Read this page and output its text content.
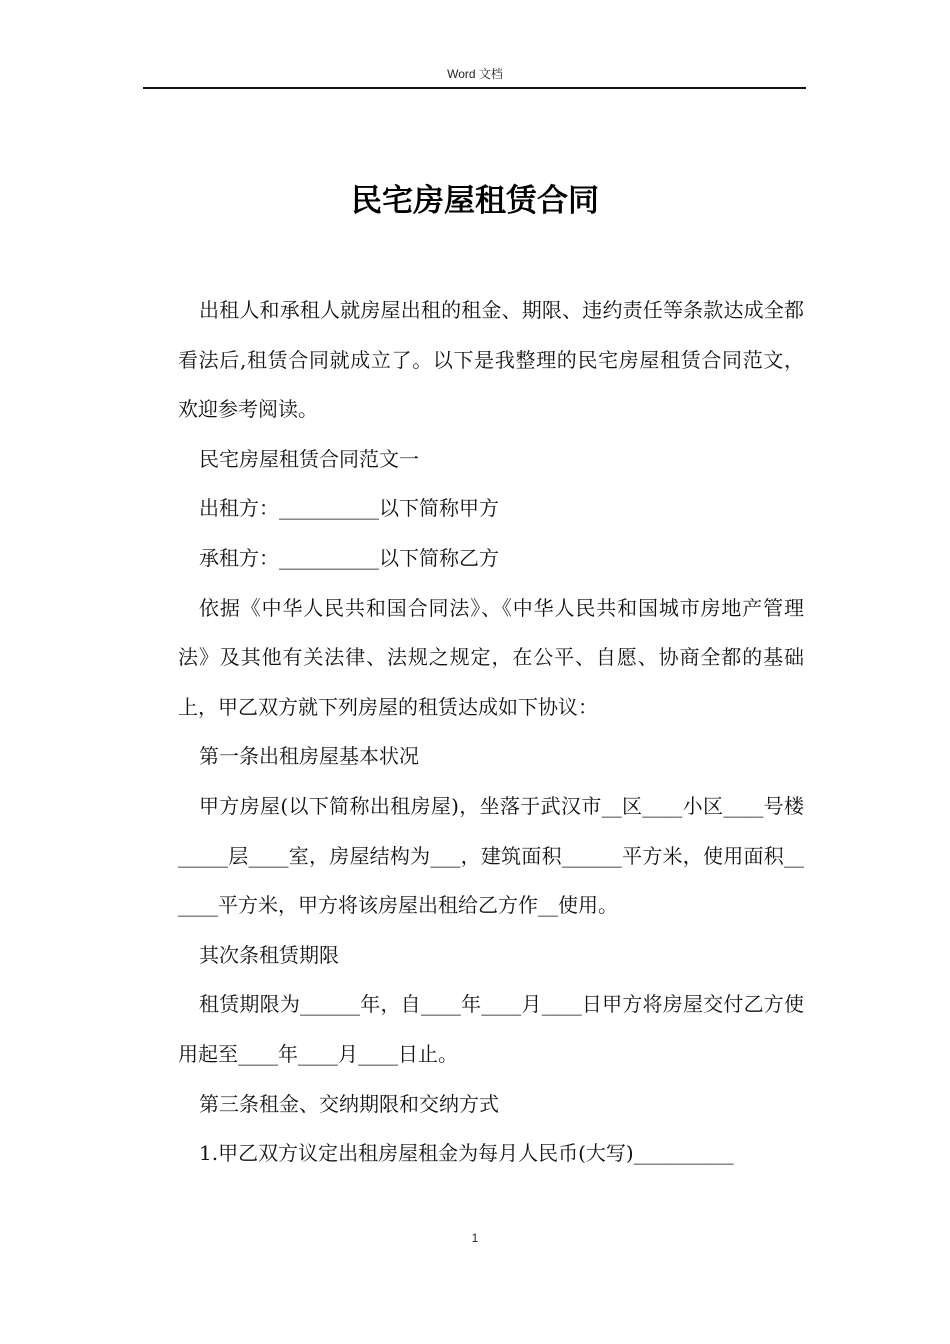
Word 文档
民宅房屋租赁合同

出租人和承租人就房屋出租的租金、期限、违约责任等条款达成全都看法后,租赁合同就成立了。以下是我整理的民宅房屋租赁合同范文，欢迎参考阅读。

民宅房屋租赁合同范文一

出租方：__________以下简称甲方

承租方：__________以下简称乙方

依据《中华人民共和国合同法》、《中华人民共和国城市房地产管理法》及其他有关法律、法规之规定，在公平、自愿、协商全都的基础上，甲乙双方就下列房屋的租赁达成如下协议：

第一条出租房屋基本状况

甲方房屋(以下简称出租房屋)，坐落于武汉市__区____小区____号楼_____层____室，房屋结构为___，建筑面积______平方米，使用面积______平方米，甲方将该房屋出租给乙方作__使用。

其次条租赁期限

租赁期限为______年，自____年____月____日甲方将房屋交付乙方使用起至____年____月____日止。

第三条租金、交纳期限和交纳方式

1.甲乙双方议定出租房屋租金为每月人民币(大写)__________

1
